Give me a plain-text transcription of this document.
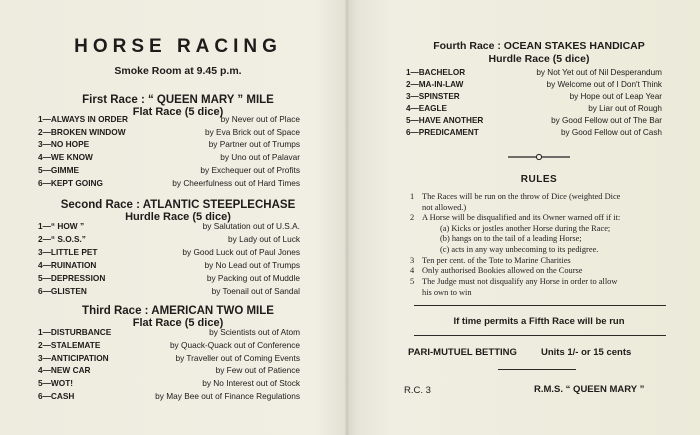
HORSE RACING
Smoke Room at 9.45 p.m.
First Race : “ QUEEN MARY ” MILE
Flat Race (5 dice)
1—ALWAYS IN ORDER	by Never out of Place
2—BROKEN WINDOW	by Eva Brick out of Space
3—NO HOPE	by Partner out of Trumps
4—WE KNOW	by Uno out of Palavar
5—GIMME	by Exchequer out of Profits
6—KEPT GOING	by Cheerfulness out of Hard Times
Second Race : ATLANTIC STEEPLECHASE
Hurdle Race (5 dice)
1—“ HOW ”	by Salutation out of U.S.A.
2—“ S.O.S.”	by Lady out of Luck
3—LITTLE PET	by Good Luck out of Paul Jones
4—RUINATION	by No Lead out of Trumps
5—DEPRESSION	by Packing out of Muddle
6—GLISTEN	by Toenail out of Sandal
Third Race : AMERICAN TWO MILE
Flat Race (5 dice)
1—DISTURBANCE	by Scientists out of Atom
2—STALEMATE	by Quack-Quack out of Conference
3—ANTICIPATION	by Traveller out of Coming Events
4—NEW CAR	by Few out of Patience
5—WOT!	by No Interest out of Stock
6—CASH	by May Bee out of Finance Regulations
Fourth Race : OCEAN STAKES HANDICAP
Hurdle Race (5 dice)
1—BACHELOR	by Not Yet out of Nil Desperandum
2—MA-IN-LAW	by Welcome out of I Don't Think
3—SPINSTER	by Hope out of Leap Year
4—EAGLE	by Liar out of Rough
5—HAVE ANOTHER	by Good Fellow out of The Bar
6—PREDICAMENT	by Good Fellow out of Cash
RULES
1 The Races will be run on the throw of Dice (weighted Dice
not allowed.)
2 A Horse will be disqualified and its Owner warned off if it:
(a) Kicks or jostles another Horse during the Race;
(b) hangs on to the tail of a leading Horse;
(c) acts in any way unbecoming to its pedigree.
3 Ten per cent. of the Tote to Marine Charities
4 Only authorised Bookies allowed on the Course
5 The Judge must not disqualify any Horse in order to allow
his own to win
If time permits a Fifth Race will be run
PARI-MUTUEL BETTING	Units 1/- or 15 cents
R.C. 3	R.M.S. “ QUEEN MARY ”
